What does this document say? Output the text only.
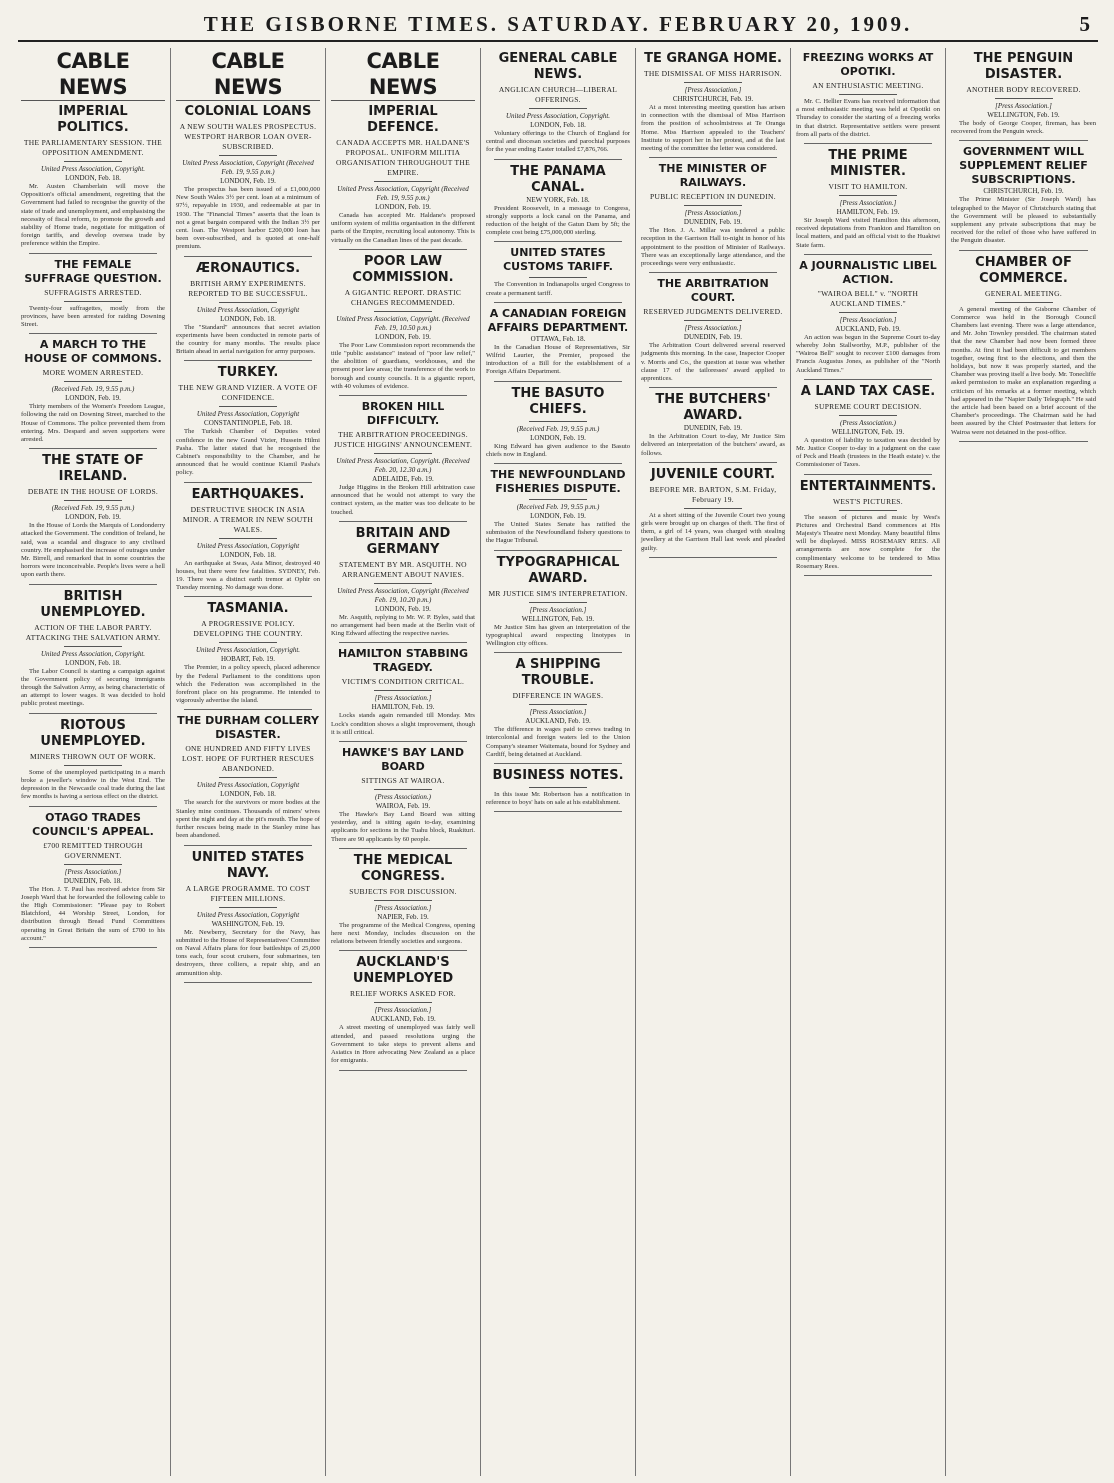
THE GISBORNE TIMES. SATURDAY. FEBRUARY 20, 1909.	5
CABLE NEWS
IMPERIAL POLITICS.
THE PARLIAMENTARY SESSION. THE OPPOSITION AMENDMENT.
United Press Association, Copyright.
LONDON, Feb. 18.
Mr. Austen Chamberlain will move the Opposition's official amendment, regretting that the Government had failed to recognise the gravity of the state of trade and unemployment, and emphasising the necessity of fiscal reform, to promote the growth and stability of Home trade, negotiate for mitigation of foreign tariffs, and develop oversea trade by preference within the Empire.
THE FEMALE SUFFRAGE QUESTION.
SUFFRAGISTS ARRESTED.
Twenty-four suffragettes, mostly from the provinces, have been arrested for raiding Downing Street.
A MARCH TO THE HOUSE OF COMMONS.
MORE WOMEN ARRESTED.
(Received Feb. 19, 9.55 p.m.)
LONDON, Feb. 19.
Thirty members of the Women's Freedom League, following the raid on Downing Street, marched to the House of Commons. The police prevented them from entering. Mrs. Despard and seven supporters were arrested.
THE STATE OF IRELAND.
DEBATE IN THE HOUSE OF LORDS.
(Received Feb. 19, 9.55 p.m.)
LONDON, Feb. 19.
In the House of Lords the Marquis of Londonderry attacked the Government. The condition of Ireland, he said, was a scandal and disgrace to any civilised country. He emphasised the increase of outrages under Mr. Birrell, and remarked that in some countries the horrors were inconceivable. People's lives were a hell upon earth there.
BRITISH UNEMPLOYED.
ACTION OF THE LABOR PARTY. ATTACKING THE SALVATION ARMY.
United Press Association, Copyright.
LONDON, Feb. 18.
The Labor Council is starting a campaign against the Government policy of securing immigrants through the Salvation Army, as being characteristic of an attempt to lower wages. It was decided to hold public protest meetings.
RIOTOUS UNEMPLOYED.
MINERS THROWN OUT OF WORK.
Some of the unemployed participating in a march broke a jeweller's window in the West End. The depression in the Newcastle coal trade during the last few months is having a serious effect on the district.
OTAGO TRADES COUNCIL'S APPEAL.
£700 REMITTED THROUGH GOVERNMENT.
[Press Association.]
DUNEDIN, Feb. 18.
The Hon. J. T. Paul has received advice from Sir Joseph Ward that he forwarded the following cable to the High Commissioner: "Please pay to Robert Blatchford, 44 Worship Street, London, for distribution through Bread Fund Committees operating in Great Britain the sum of £700 to his account."
CABLE NEWS
COLONIAL LOANS
A NEW SOUTH WALES PROSPECTUS. WESTPORT HARBOR LOAN OVER-SUBSCRIBED.
United Press Association, Copyright (Received Feb. 19, 9.55 p.m.)
LONDON, Feb. 19.
The prospectus has been issued of a £1,000,000 New South Wales 3½ per cent. loan at a minimum of 97½, repayable in 1930, and redeemable at par in 1930. The "Financial Times" asserts that the loan is not a great bargain compared with the Indian 3½ per cent. loan. The Westport harbor £200,000 loan has been over-subscribed, and is quoted at one-half premium.
ÆRONAUTICS.
BRITISH ARMY EXPERIMENTS. REPORTED TO BE SUCCESSFUL.
United Press Association, Copyright
LONDON, Feb. 18.
The "Standard" announces that secret aviation experiments have been conducted in remote parts of the country for many months. The results place Britain ahead in aerial navigation for army purposes.
TURKEY.
THE NEW GRAND VIZIER. A VOTE OF CONFIDENCE.
United Press Association, Copyright
CONSTANTINOPLE, Feb. 18.
The Turkish Chamber of Deputies voted confidence in the new Grand Vizier, Hussein Hilmi Pasha. The latter stated that he recognised the Cabinet's responsibility to the Chamber, and he announced that he would continue Kiamil Pasha's policy.
EARTHQUAKES.
DESTRUCTIVE SHOCK IN ASIA MINOR. A TREMOR IN NEW SOUTH WALES.
United Press Association, Copyright
LONDON, Feb. 18.
An earthquake at Swas, Asia Minor, destroyed 40 houses, but there were few fatalities. SYDNEY, Feb. 19. There was a distinct earth tremor at Ophir on Tuesday morning. No damage was done.
TASMANIA.
A PROGRESSIVE POLICY. DEVELOPING THE COUNTRY.
United Press Association, Copyright.
HOBART, Feb. 19.
The Premier, in a policy speech, placed adherence by the Federal Parliament to the conditions upon which the Federation was accomplished in the forefront place on his programme. He intended to vigorously advertise the island.
THE DURHAM COLLERY DISASTER.
ONE HUNDRED AND FIFTY LIVES LOST. HOPE OF FURTHER RESCUES ABANDONED.
United Press Association, Copyright
LONDON, Feb. 18.
The search for the survivors or more bodies at the Stanley mine continues. Thousands of miners' wives spent the night and day at the pit's mouth. The hope of further rescues being made in the Stanley mine has been abandoned.
UNITED STATES NAVY.
A LARGE PROGRAMME. TO COST FIFTEEN MILLIONS.
United Press Association, Copyright
WASHINGTON, Feb. 19.
Mr. Newberry, Secretary for the Navy, has submitted to the House of Representatives' Committee on Naval Affairs plans for four battleships of 25,000 tons each, four scout cruisers, four submarines, ten destroyers, three colliers, a repair ship, and an ammunition ship.
CABLE NEWS
IMPERIAL DEFENCE.
CANADA ACCEPTS MR. HALDANE'S PROPOSAL. UNIFORM MILITIA ORGANISATION THROUGHOUT THE EMPIRE.
United Press Association, Copyright (Received Feb. 19, 9.55 p.m.)
LONDON, Feb. 19.
Canada has accepted Mr. Haldane's proposed uniform system of militia organisation in the different parts of the Empire, recruiting local autonomy. This is virtually on the Canadian lines of the past decade.
POOR LAW COMMISSION.
A GIGANTIC REPORT. DRASTIC CHANGES RECOMMENDED.
United Press Association, Copyright. (Received Feb. 19, 10.50 p.m.)
LONDON, Feb. 19.
The Poor Law Commission report recommends the title "public assistance" instead of "poor law relief," the abolition of guardians, workhouses, and the present poor law areas; the transference of the work to borough and county councils. It is a gigantic report, with 40 volumes of evidence.
BROKEN HILL DIFFICULTY.
THE ARBITRATION PROCEEDINGS. JUSTICE HIGGINS' ANNOUNCEMENT.
United Press Association, Copyright. (Received Feb. 20, 12.30 a.m.)
ADELAIDE, Feb. 19.
Judge Higgins in the Broken Hill arbitration case announced that he would not attempt to vary the contract system, as the matter was too delicate to be touched.
BRITAIN AND GERMANY
STATEMENT BY MR. ASQUITH. NO ARRANGEMENT ABOUT NAVIES.
United Press Association, Copyright (Received Feb. 19, 10.20 p.m.)
LONDON, Feb. 19.
Mr. Asquith, replying to Mr. W. P. Byles, said that no arrangement had been made at the Berlin visit of King Edward affecting the respective navies.
HAMILTON STABBING TRAGEDY.
VICTIM'S CONDITION CRITICAL.
[Press Association.]
HAMILTON, Feb. 19.
Locks stands again remanded till Monday. Mrs Lock's condition shows a slight improvement, though it is still critical.
HAWKE'S BAY LAND BOARD
SITTINGS AT WAIROA.
(Press Association.)
WAIROA, Feb. 19.
The Hawke's Bay Land Board was sitting yesterday, and is sitting again to-day, examining applicants for sections in the Tuahu block, Ruakituri. There are 90 applicants by 60 people.
THE MEDICAL CONGRESS.
SUBJECTS FOR DISCUSSION.
[Press Association.]
NAPIER, Feb. 19.
The programme of the Medical Congress, opening here next Monday, includes discussion on the relations between friendly societies and surgeons.
AUCKLAND'S UNEMPLOYED
RELIEF WORKS ASKED FOR.
[Press Association.]
AUCKLAND, Feb. 19.
A street meeting of unemployed was fairly well attended, and passed resolutions urging the Government to take steps to prevent aliens and Asiatics in Hore advocating New Zealand as a place for emigrants.
GENERAL CABLE NEWS.
ANGLICAN CHURCH—LIBERAL OFFERINGS.
United Press Association, Copyright.
LONDON, Feb. 18.
Voluntary offerings to the Church of England for central and diocesan societies and parochial purposes for the year ending Easter totalled £7,876,766.
THE PANAMA CANAL.
NEW YORK, Feb. 18.
President Roosevelt, in a message to Congress, strongly supports a lock canal on the Panama, and reduction of the height of the Gatun Dam by 5ft; the complete cost being £75,000,000 sterling.
UNITED STATES CUSTOMS TARIFF.
The Convention in Indianapolis urged Congress to create a permanent tariff.
A CANADIAN FOREIGN AFFAIRS DEPARTMENT.
OTTAWA, Feb. 18.
In the Canadian House of Representatives, Sir Wilfrid Laurier, the Premier, proposed the introduction of a Bill for the establishment of a Foreign Affairs Department.
THE BASUTO CHIEFS.
(Received Feb. 19, 9.55 p.m.)
LONDON, Feb. 19.
King Edward has given audience to the Basuto chiefs now in England.
THE NEWFOUNDLAND FISHERIES DISPUTE.
(Received Feb. 19, 9.55 p.m.)
LONDON, Feb. 19.
The United States Senate has ratified the submission of the Newfoundland fishery questions to the Hague Tribunal.
TYPOGRAPHICAL AWARD.
MR JUSTICE SIM'S INTERPRETATION.
[Press Association.]
WELLINGTON, Feb. 19.
Mr Justice Sim has given an interpretation of the typographical award respecting linotypes in Wellington city offices.
A SHIPPING TROUBLE.
DIFFERENCE IN WAGES.
[Press Association.]
AUCKLAND, Feb. 19.
The difference in wages paid to crews trading in intercolonial and foreign waters led to the Union Company's steamer Waitemata, bound for Sydney and Cardiff, being detained at Auckland.
BUSINESS NOTES.
In this issue Mr. Robertson has a notification in reference to boys' hats on sale at his establishment.
TE GRANGA HOME.
THE DISMISSAL OF MISS HARRISON.
[Press Association.]
CHRISTCHURCH, Feb. 19.
At a most interesting meeting question has arisen in connection with the dismissal of Miss Harrison from the position of schoolmistress at Te Oranga Home. Miss Harrison appealed to the Teachers' Institute to support her in her protest, and at the last meeting of the committee the letter was considered.
THE MINISTER OF RAILWAYS.
PUBLIC RECEPTION IN DUNEDIN.
[Press Association.]
DUNEDIN, Feb. 19.
The Hon. J. A. Millar was tendered a public reception in the Garrison Hall to-night in honor of his appointment to the position of Minister of Railways. There was an exceptionally large attendance, and the proceedings were very enthusiastic.
THE ARBITRATION COURT.
RESERVED JUDGMENTS DELIVERED.
[Press Association.]
DUNEDIN, Feb. 19.
The Arbitration Court delivered several reserved judgments this morning. In the case, Inspector Cooper v. Morris and Co., the question at issue was whether clause 17 of the tailoresses' award applied to apprentices.
THE BUTCHERS' AWARD.
DUNEDIN, Feb. 19.
In the Arbitration Court to-day, Mr Justice Sim delivered an interpretation of the butchers' award, as follows.
JUVENILE COURT.
BEFORE MR. BARTON, S.M. Friday, February 19.
At a short sitting of the Juvenile Court two young girls were brought up on charges of theft. The first of them, a girl of 14 years, was charged with stealing jewellery at the Garrison Hall last week and pleaded guilty.
FREEZING WORKS AT OPOTIKI.
AN ENTHUSIASTIC MEETING.
Mr. C. Hellier Evans has received information that a most enthusiastic meeting was held at Opotiki on Thursday to consider the starting of a freezing works in that district. Representative settlers were present from all parts of the district.
THE PRIME MINISTER.
VISIT TO HAMILTON.
[Press Association.]
HAMILTON, Feb. 19.
Sir Joseph Ward visited Hamilton this afternoon, received deputations from Frankton and Hamilton on local matters, and paid an official visit to the Huakiwi State farm.
A JOURNALISTIC LIBEL ACTION.
"WAIROA BELL" v. "NORTH AUCKLAND TIMES."
[Press Association.]
AUCKLAND, Feb. 19.
An action was begun in the Supreme Court to-day whereby John Stallworthy, M.P., publisher of the "Wairoa Bell" sought to recover £100 damages from Francis Augustus Jones, as publisher of the "North Auckland Times."
A LAND TAX CASE.
SUPREME COURT DECISION.
(Press Association.)
WELLINGTON, Feb. 19.
A question of liability to taxation was decided by Mr. Justice Cooper to-day in a judgment on the case of Peck and Heath (trustees in the Heath estate) v. the Commissioner of Taxes.
ENTERTAINMENTS.
WEST'S PICTURES.
The season of pictures and music by West's Pictures and Orchestral Band commences at His Majesty's Theatre next Monday. Many beautiful films will be displayed. MISS ROSEMARY REES. All arrangements are now complete for the complimentary welcome to be tendered to Miss Rosemary Rees.
THE PENGUIN DISASTER.
ANOTHER BODY RECOVERED.
[Press Association.]
WELLINGTON, Feb. 19.
The body of George Cooper, fireman, has been recovered from the Penguin wreck.
GOVERNMENT WILL SUPPLEMENT RELIEF SUBSCRIPTIONS.
CHRISTCHURCH, Feb. 19.
The Prime Minister (Sir Joseph Ward) has telegraphed to the Mayor of Christchurch stating that the Government will be pleased to substantially supplement any private subscriptions that may be received for the relief of those who have suffered in the Penguin disaster.
CHAMBER OF COMMERCE.
GENERAL MEETING.
A general meeting of the Gisborne Chamber of Commerce was held in the Borough Council Chambers last evening. There was a large attendance, and Mr. John Townley presided. The chairman stated that the new Chamber had now been formed three months. At first it had been difficult to get members together, owing first to the elections, and then the holidays, but now it was properly started, and the Chamber was proving itself a live body. Mr. Tonecliffe asked permission to make an explanation regarding a criticism of his remarks at a former meeting, which had appeared in the "Napier Daily Telegraph." He said the article had been based on a brief account of the Chamber's proceedings. The Chairman said he had been assured by the Chief Postmaster that letters for Wairoa were not detained in the post-office.
